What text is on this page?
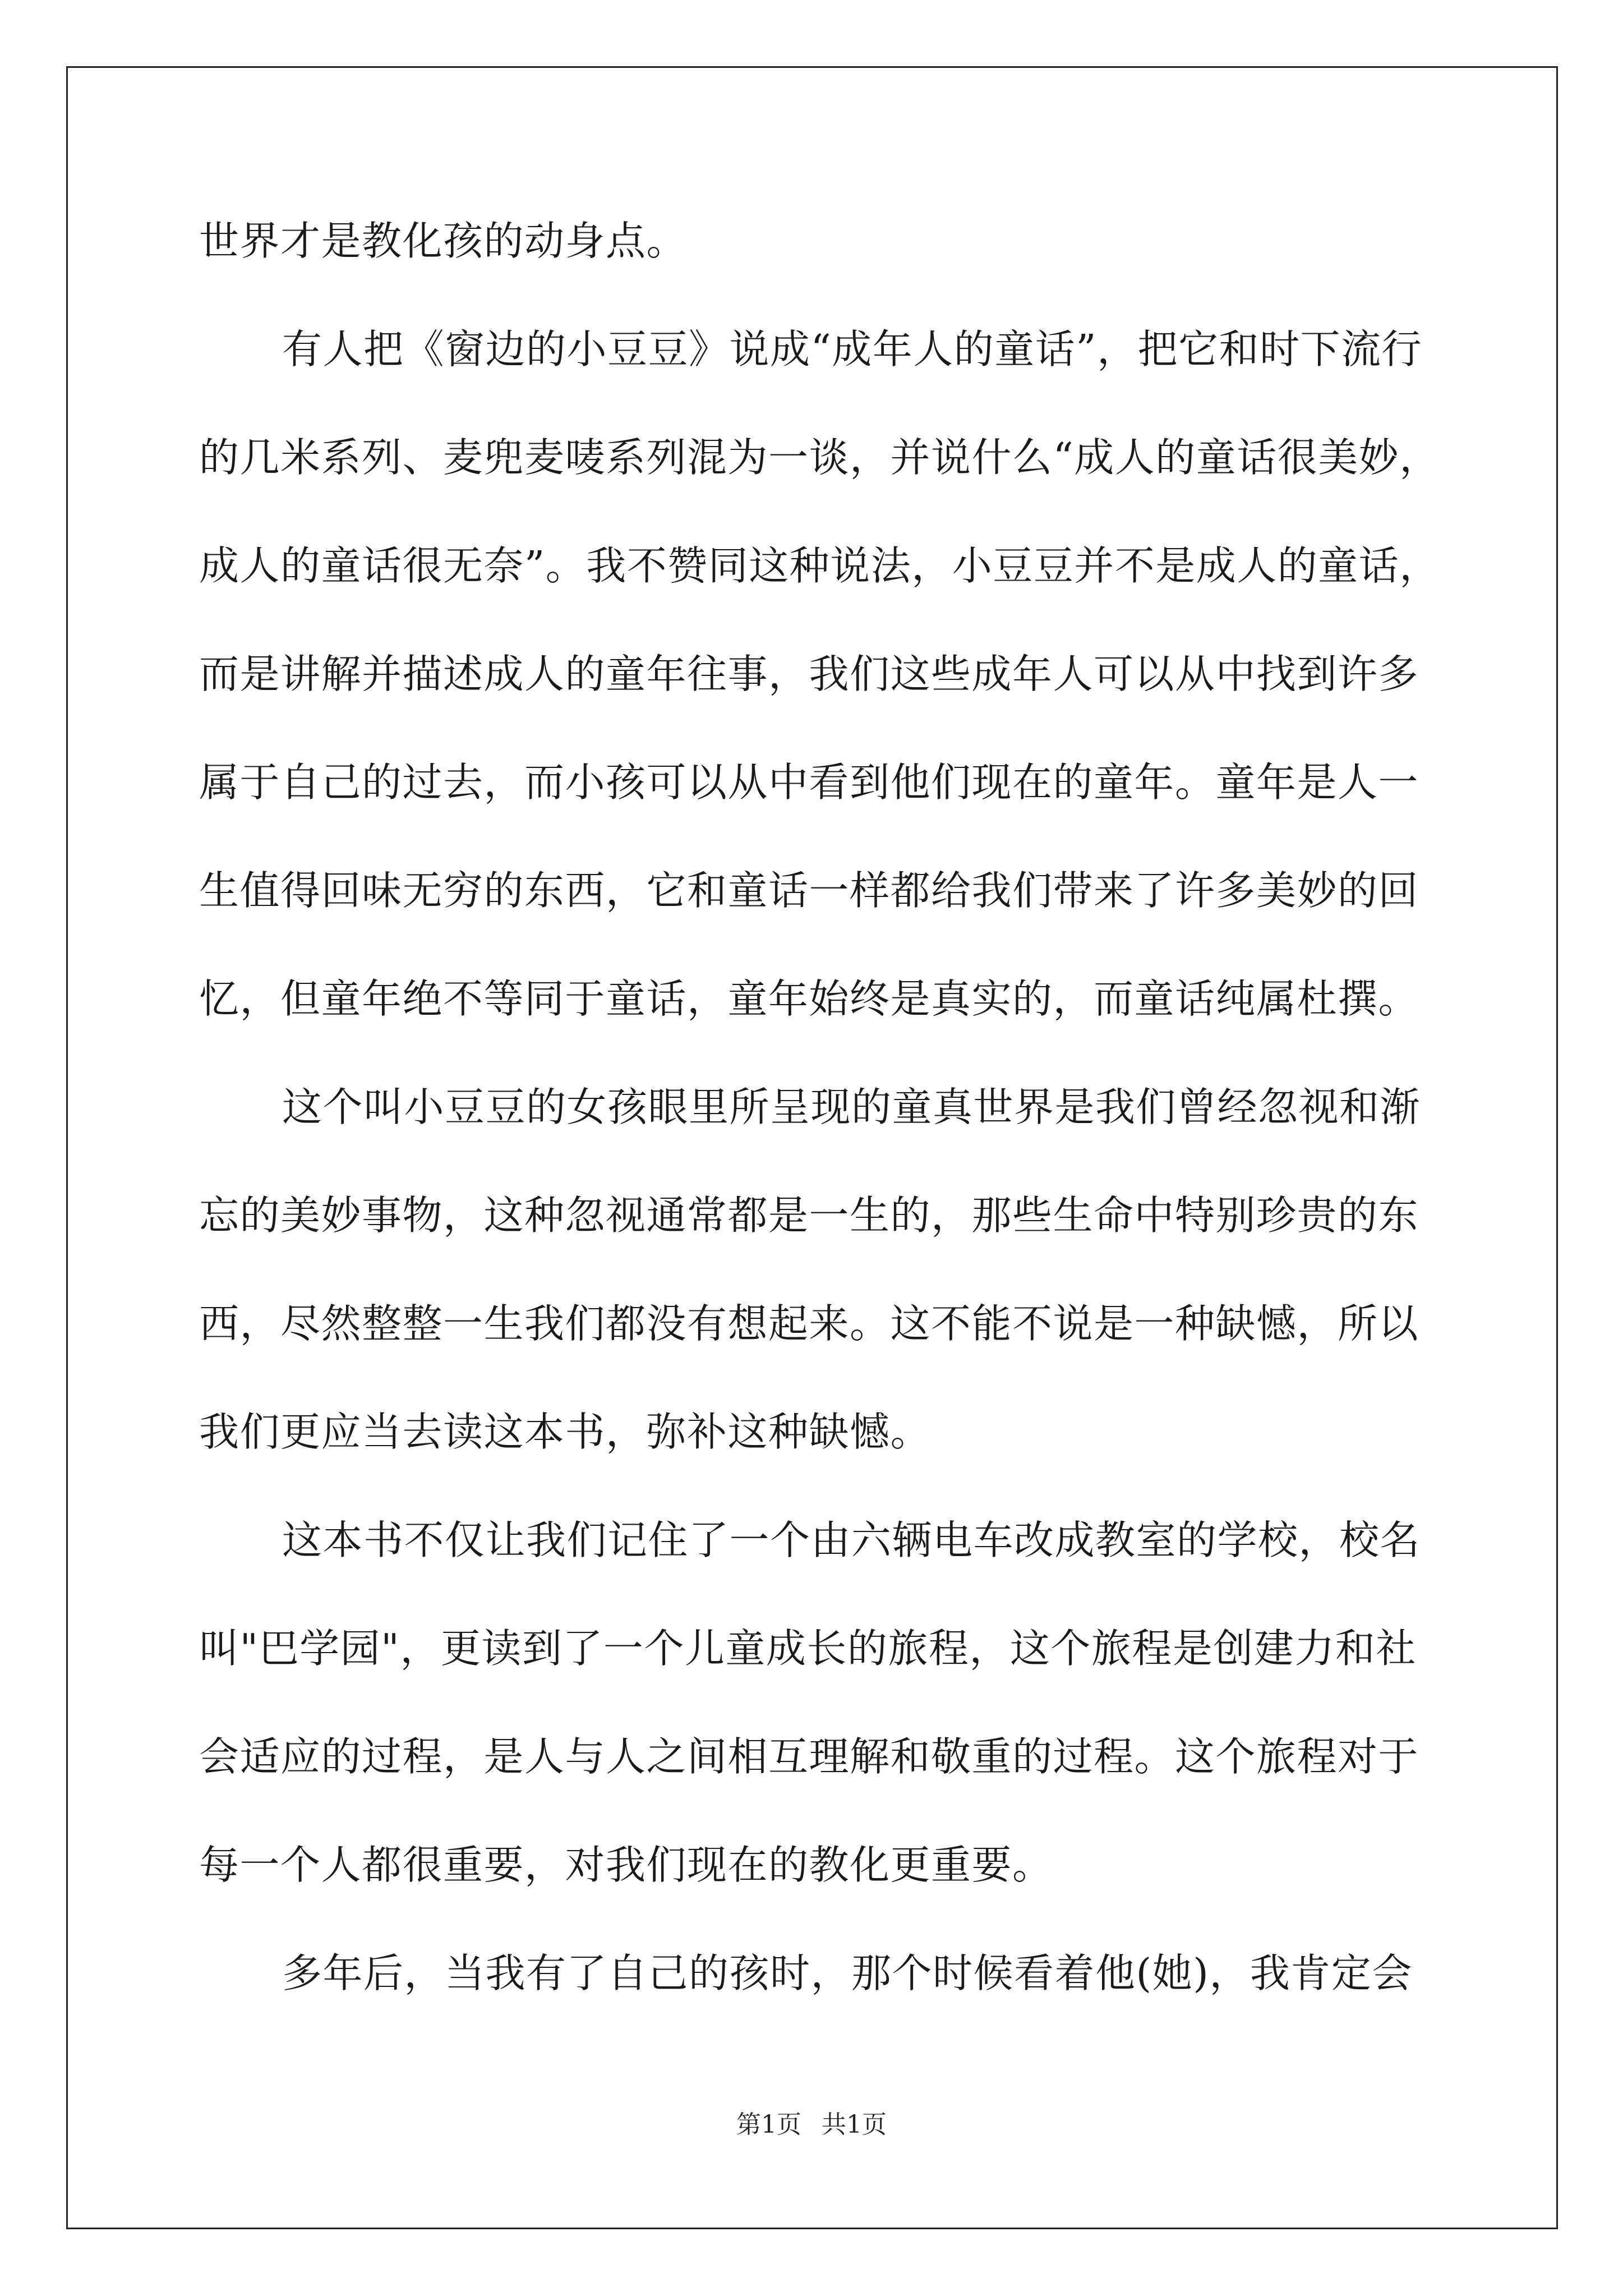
世界才是教化孩的动身点。
有人把《窗边的小豆豆》说成“成年人的童话”，把它和时下流行
的几米系列、麦兜麦唛系列混为一谈，并说什么“成人的童话很美妙，
成人的童话很无奈”。我不赞同这种说法，小豆豆并不是成人的童话，
而是讲解并描述成人的童年往事，我们这些成年人可以从中找到许多
属于自己的过去，而小孩可以从中看到他们现在的童年。童年是人一
生值得回味无穷的东西，它和童话一样都给我们带来了许多美妙的回
忆，但童年绝不等同于童话，童年始终是真实的，而童话纯属杜撰。
这个叫小豆豆的女孩眼里所呈现的童真世界是我们曾经忽视和渐
忘的美妙事物，这种忽视通常都是一生的，那些生命中特别珍贵的东
西，尽然整整一生我们都没有想起来。这不能不说是一种缺憾，所以
我们更应当去读这本书，弥补这种缺憾。
这本书不仅让我们记住了一个由六辆电车改成教室的学校，校名
叫"巴学园"，更读到了一个儿童成长的旅程，这个旅程是创建力和社
会适应的过程，是人与人之间相互理解和敬重的过程。这个旅程对于
每一个人都很重要，对我们现在的教化更重要。
多年后，当我有了自己的孩时，那个时候看着他(她)，我肯定会
第1页 共1页
